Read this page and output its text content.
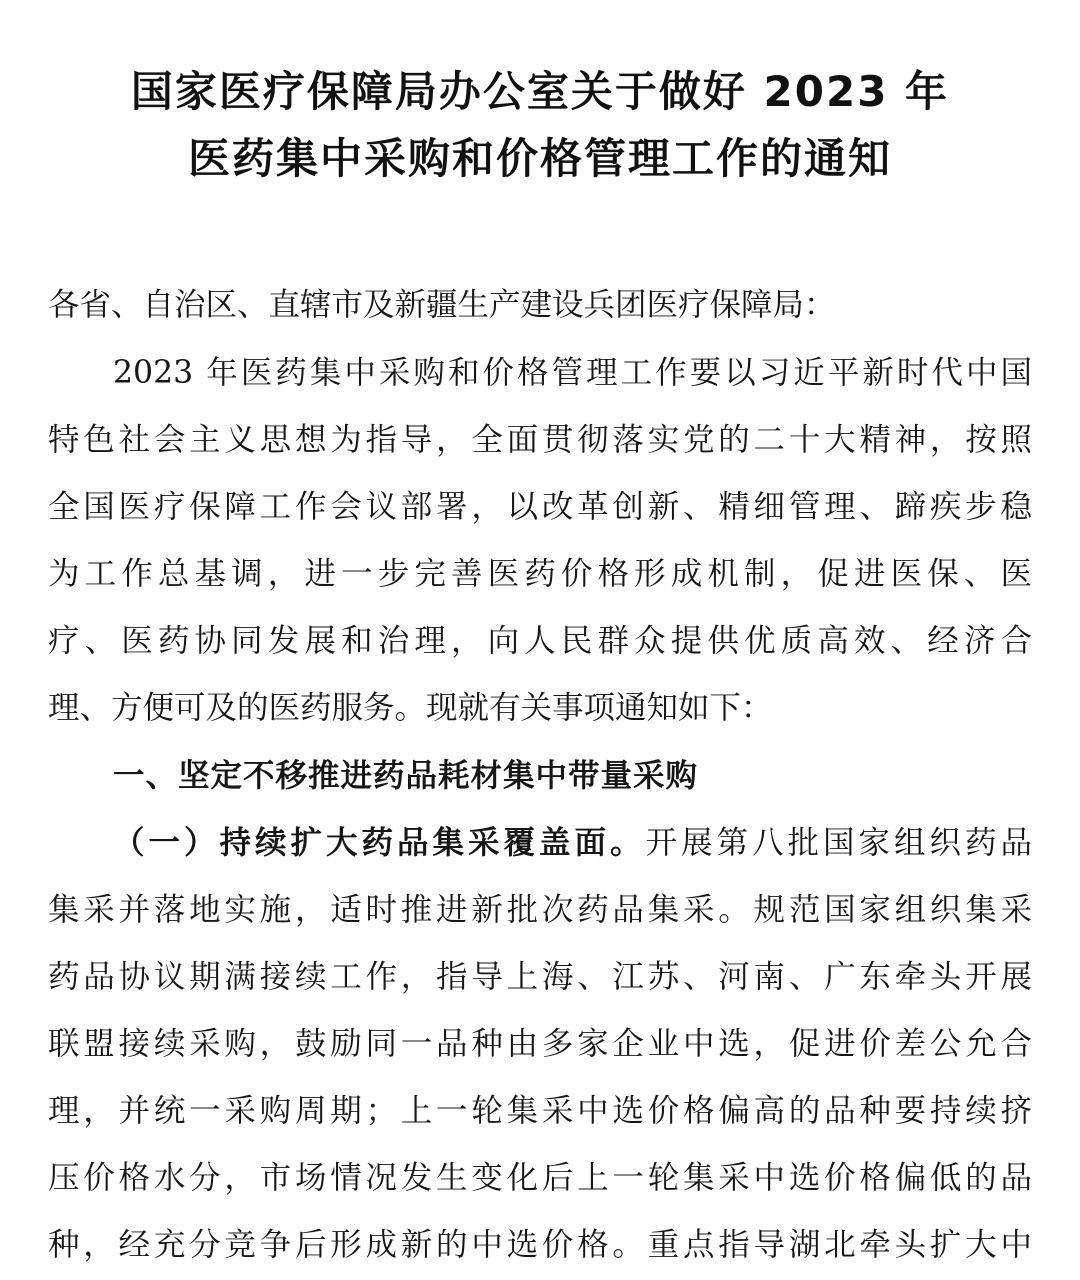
国家医疗保障局办公室关于做好 2023 年
医药集中采购和价格管理工作的通知
各省、自治区、直辖市及新疆生产建设兵团医疗保障局：
2023 年医药集中采购和价格管理工作要以习近平新时代中国
特色社会主义思想为指导，全面贯彻落实党的二十大精神，按照
全国医疗保障工作会议部署，以改革创新、精细管理、蹄疾步稳
为工作总基调，进一步完善医药价格形成机制，促进医保、医
疗、医药协同发展和治理，向人民群众提供优质高效、经济合
理、方便可及的医药服务。现就有关事项通知如下：
一、坚定不移推进药品耗材集中带量采购
（一）持续扩大药品集采覆盖面。开展第八批国家组织药品
集采并落地实施，适时推进新批次药品集采。规范国家组织集采
药品协议期满接续工作，指导上海、江苏、河南、广东牵头开展
联盟接续采购，鼓励同一品种由多家企业中选，促进价差公允合
理，并统一采购周期；上一轮集采中选价格偏高的品种要持续挤
压价格水分，市场情况发生变化后上一轮集采中选价格偏低的品
种，经充分竞争后形成新的中选价格。重点指导湖北牵头扩大中
